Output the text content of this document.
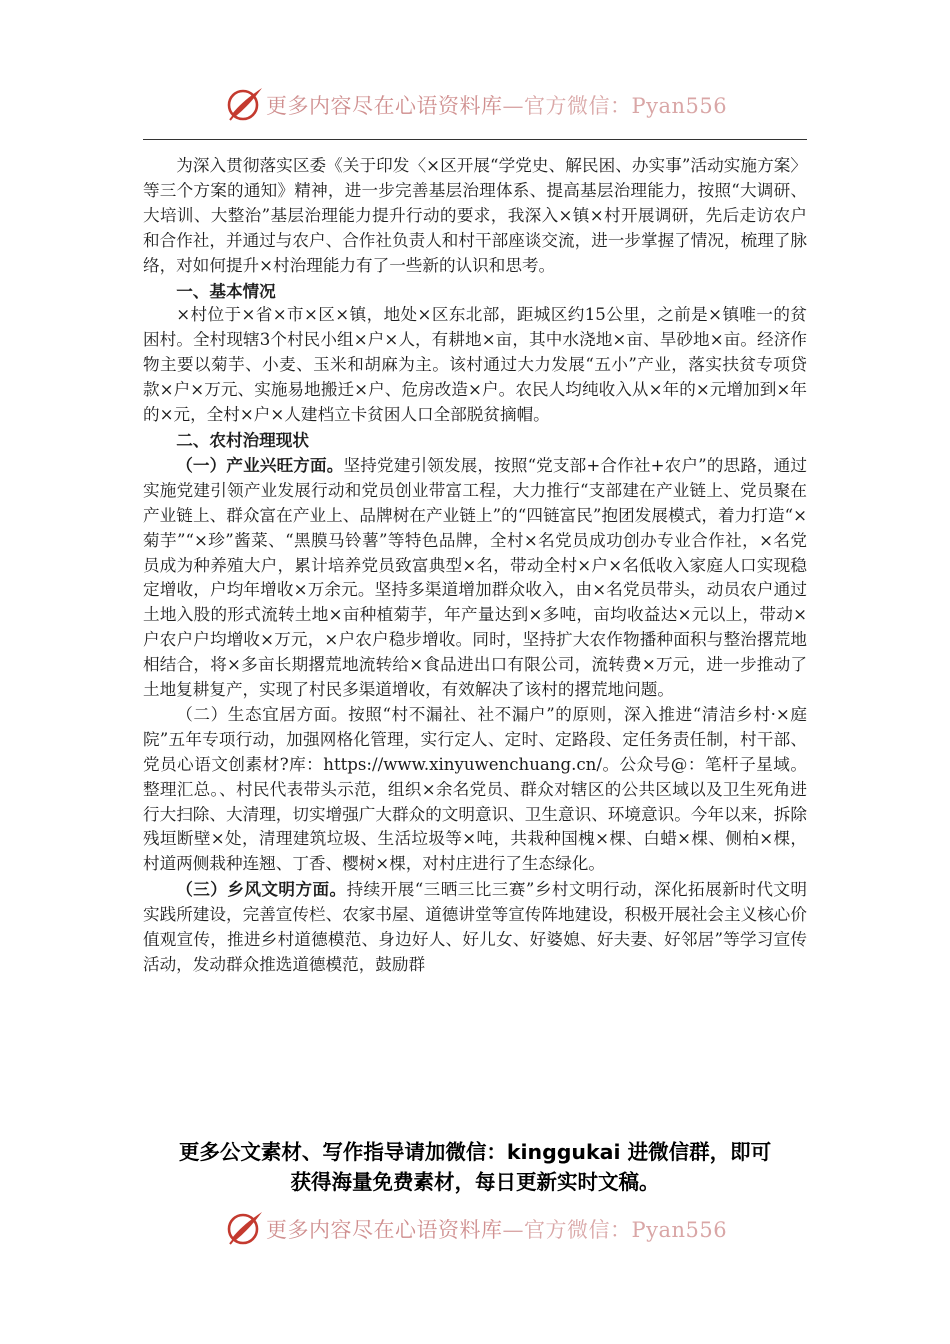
更多内容尽在心语资料库—官方微信：Pyan556

为深入贯彻落实区委《关于印发〈×区开展“学党史、解民困、办实事”活动实施方案〉等三个方案的通知》精神，进一步完善基层治理体系、提高基层治理能力，按照“大调研、大培训、大整治”基层治理能力提升行动的要求，我深入×镇×村开展调研，先后走访农户和合作社，并通过与农户、合作社负责人和村干部座谈交流，进一步掌握了情况，梳理了脉络，对如何提升×村治理能力有了一些新的认识和思考。

一、基本情况

×村位于×省×市×区×镇，地处×区东北部，距城区约15公里，之前是×镇唯一的贫困村。全村现辖3个村民小组×户×人，有耕地×亩，其中水浇地×亩、旱砂地×亩。经济作物主要以菊芋、小麦、玉米和胡麻为主。该村通过大力发展“五小”产业，落实扶贫专项贷款×户×万元、实施易地搬迁×户、危房改造×户。农民人均纯收入从×年的×元增加到×年的×元，全村×户×人建档立卡贫困人口全部脱贫摘帽。

二、农村治理现状

（一）产业兴旺方面。坚持党建引领发展，按照“党支部+合作社+农户”的思路，通过实施党建引领产业发展行动和党员创业带富工程，大力推行“支部建在产业链上、党员聚在产业链上、群众富在产业上、品牌树在产业链上”的“四链富民”抱团发展模式，着力打造“×菊芋”“×珍”酱菜、“黑膜马铃薯”等特色品牌，全村×名党员成功创办专业合作社，×名党员成为种养殖大户，累计培养党员致富典型×名，带动全村×户×名低收入家庭人口实现稳定增收，户均年增收×万余元。坚持多渠道增加群众收入，由×名党员带头，动员农户通过土地入股的形式流转土地×亩种植菊芋，年产量达到×多吨，亩均收益达×元以上，带动×户农户户均增收×万元，×户农户稳步增收。同时，坚持扩大农作物播种面积与整治撂荒地相结合，将×多亩长期撂荒地流转给×食品进出口有限公司，流转费×万元，进一步推动了土地复耕复产，实现了村民多渠道增收，有效解决了该村的撂荒地问题。

（二）生态宜居方面。按照“村不漏社、社不漏户”的原则，深入推进“清洁乡村·×庭院”五年专项行动，加强网格化管理，实行定人、定时、定路段、定任务责任制，村干部、党员心语文创素材?库：https://www.xinyuwenchuang.cn/。公众号@：笔杆子星域。整理汇总。、村民代表带头示范，组织×余名党员、群众对辖区的公共区域以及卫生死角进行大扫除、大清理，切实增强广大群众的文明意识、卫生意识、环境意识。今年以来，拆除残垣断壁×处，清理建筑垃圾、生活垃圾等×吨，共栽种国槐×棵、白蜡×棵、侧柏×棵，村道两侧栽种连翘、丁香、樱树×棵，对村庄进行了生态绿化。

（三）乡风文明方面。持续开展“三晒三比三赛”乡村文明行动，深化拓展新时代文明实践所建设，完善宣传栏、农家书屋、道德讲堂等宣传阵地建设，积极开展社会主义核心价值观宣传，推进乡村道德模范、身边好人、好儿女、好婆媳、好夫妻、好邻居”等学习宣传活动，发动群众推选道德模范，鼓励群

更多公文素材、写作指导请加微信：kinggukai 进微信群，即可
获得海量免费素材，每日更新实时文稿。
更多内容尽在心语资料库—官方微信：Pyan556
